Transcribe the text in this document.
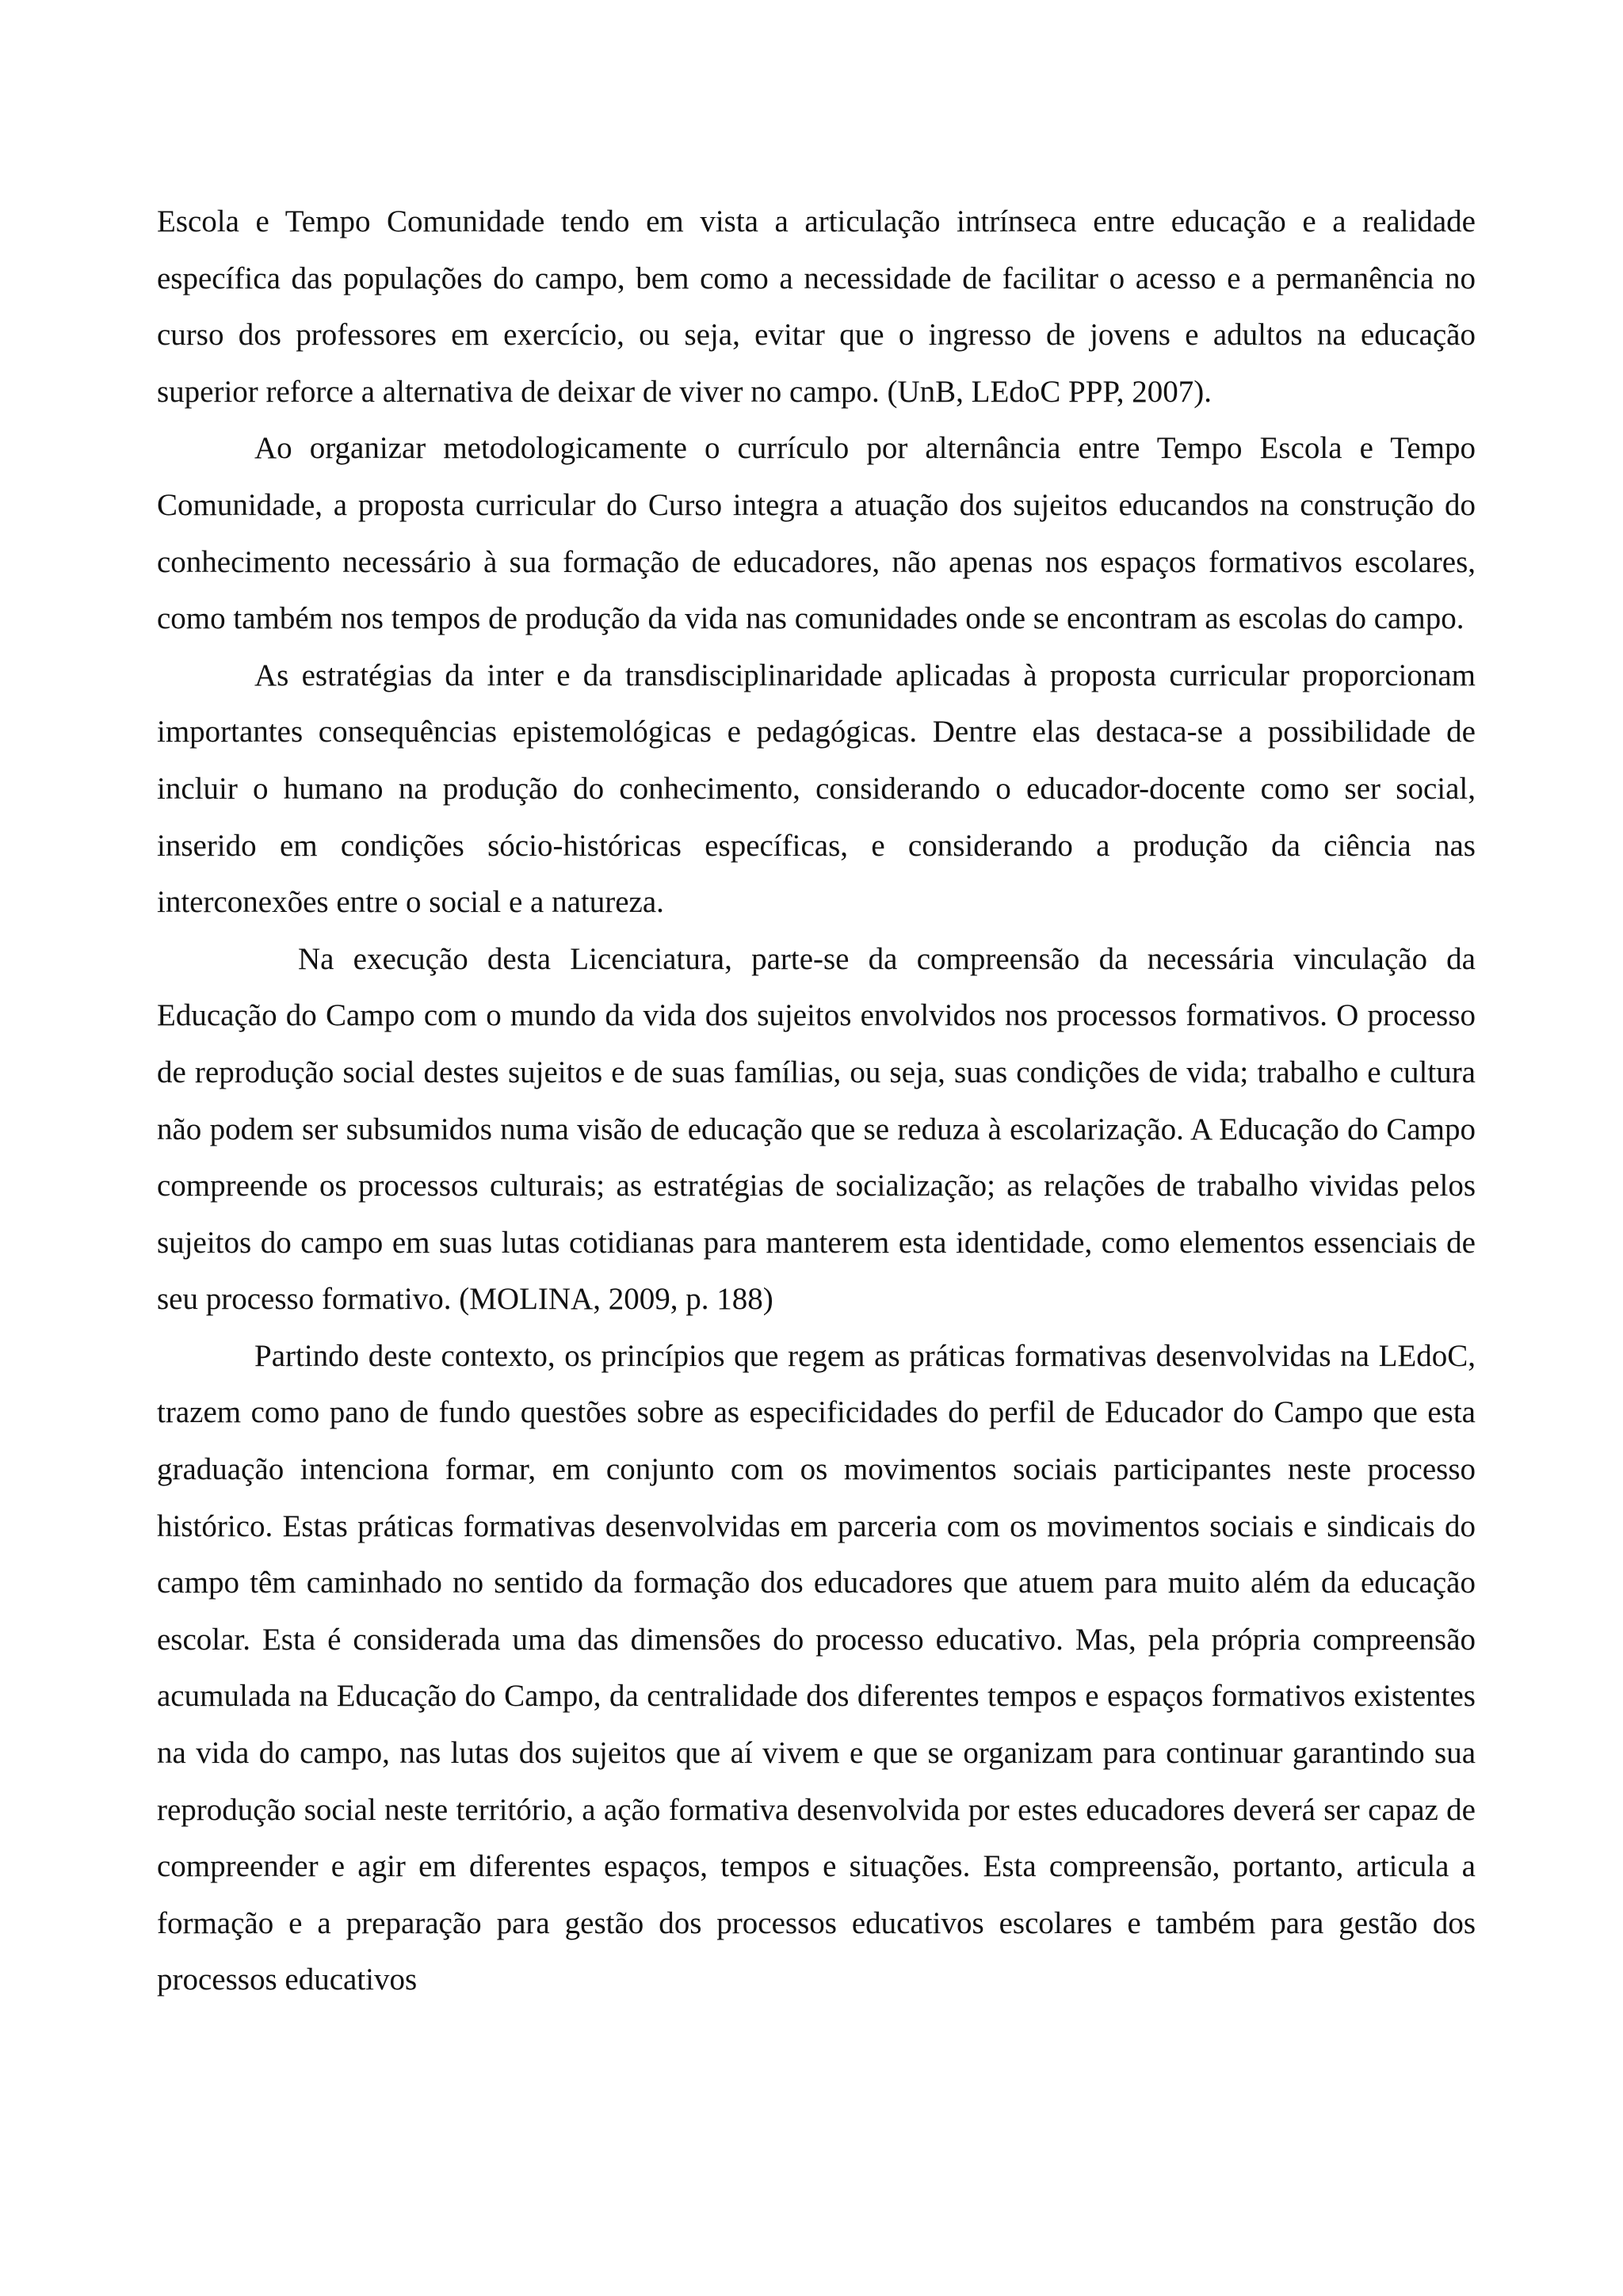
Escola e Tempo Comunidade tendo em vista a articulação intrínseca entre educação e a realidade específica das populações do campo, bem como a necessidade de facilitar o acesso e a permanência no curso dos professores em exercício, ou seja, evitar que o ingresso de jovens e adultos na educação superior reforce a alternativa de deixar de viver no campo. (UnB, LEdoC PPP, 2007).

Ao organizar metodologicamente o currículo por alternância entre Tempo Escola e Tempo Comunidade, a proposta curricular do Curso integra a atuação dos sujeitos educandos na construção do conhecimento necessário à sua formação de educadores, não apenas nos espaços formativos escolares, como também nos tempos de produção da vida nas comunidades onde se encontram as escolas do campo.

As estratégias da inter e da transdisciplinaridade aplicadas à proposta curricular proporcionam importantes consequências epistemológicas e pedagógicas. Dentre elas destaca-se a possibilidade de incluir o humano na produção do conhecimento, considerando o educador-docente como ser social, inserido em condições sócio-históricas específicas, e considerando a produção da ciência nas interconexões entre o social e a natureza.

Na execução desta Licenciatura, parte-se da compreensão da necessária vinculação da Educação do Campo com o mundo da vida dos sujeitos envolvidos nos processos formativos. O processo de reprodução social destes sujeitos e de suas famílias, ou seja, suas condições de vida; trabalho e cultura não podem ser subsumidos numa visão de educação que se reduza à escolarização. A Educação do Campo compreende os processos culturais; as estratégias de socialização; as relações de trabalho vividas pelos sujeitos do campo em suas lutas cotidianas para manterem esta identidade, como elementos essenciais de seu processo formativo. (MOLINA, 2009, p. 188)

Partindo deste contexto, os princípios que regem as práticas formativas desenvolvidas na LEdoC, trazem como pano de fundo questões sobre as especificidades do perfil de Educador do Campo que esta graduação intenciona formar, em conjunto com os movimentos sociais participantes neste processo histórico. Estas práticas formativas desenvolvidas em parceria com os movimentos sociais e sindicais do campo têm caminhado no sentido da formação dos educadores que atuem para muito além da educação escolar. Esta é considerada uma das dimensões do processo educativo. Mas, pela própria compreensão acumulada na Educação do Campo, da centralidade dos diferentes tempos e espaços formativos existentes na vida do campo, nas lutas dos sujeitos que aí vivem e que se organizam para continuar garantindo sua reprodução social neste território, a ação formativa desenvolvida por estes educadores deverá ser capaz de compreender e agir em diferentes espaços, tempos e situações. Esta compreensão, portanto, articula a formação e a preparação para gestão dos processos educativos escolares e também para gestão dos processos educativos
